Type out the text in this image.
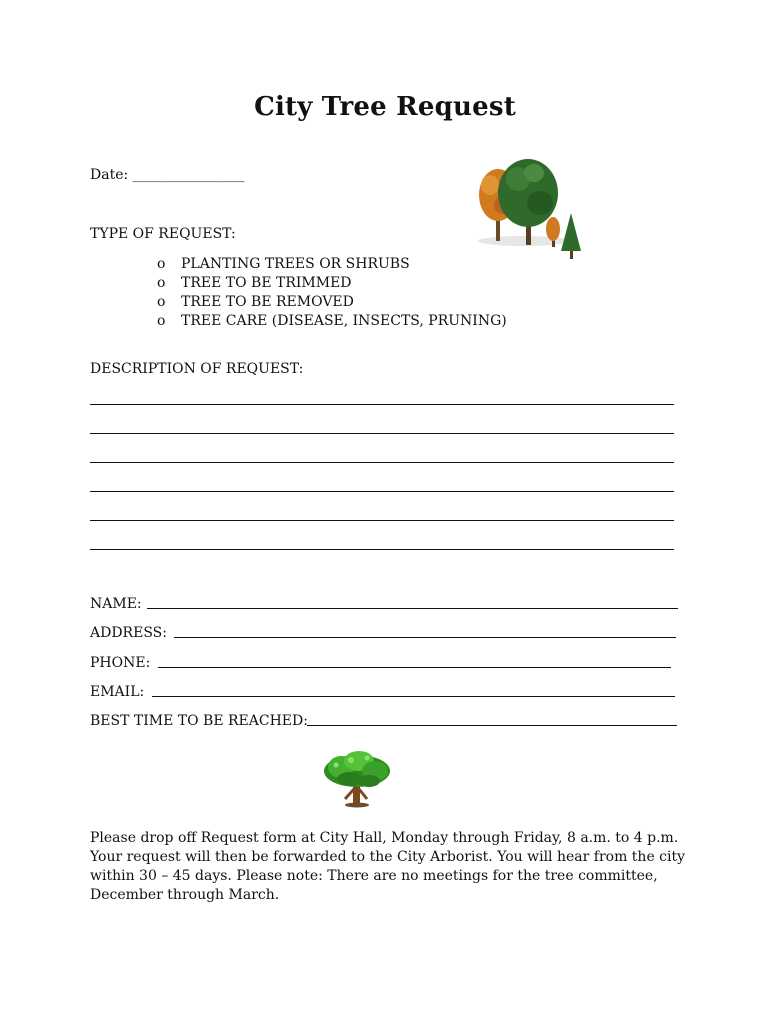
City Tree Request
Date: ________________
TYPE OF REQUEST:
o	PLANTING TREES OR SHRUBS
o	TREE TO BE TRIMMED
o	TREE TO BE REMOVED
o	TREE CARE (DISEASE, INSECTS, PRUNING)
DESCRIPTION OF REQUEST:
NAME:
ADDRESS:
PHONE:
EMAIL:
BEST TIME TO BE REACHED:
Please drop off Request form at City Hall, Monday through Friday, 8 a.m. to 4 p.m. Your request will then be forwarded to the City Arborist. You will hear from the city within 30 – 45 days. Please note: There are no meetings for the tree committee, December through March.
